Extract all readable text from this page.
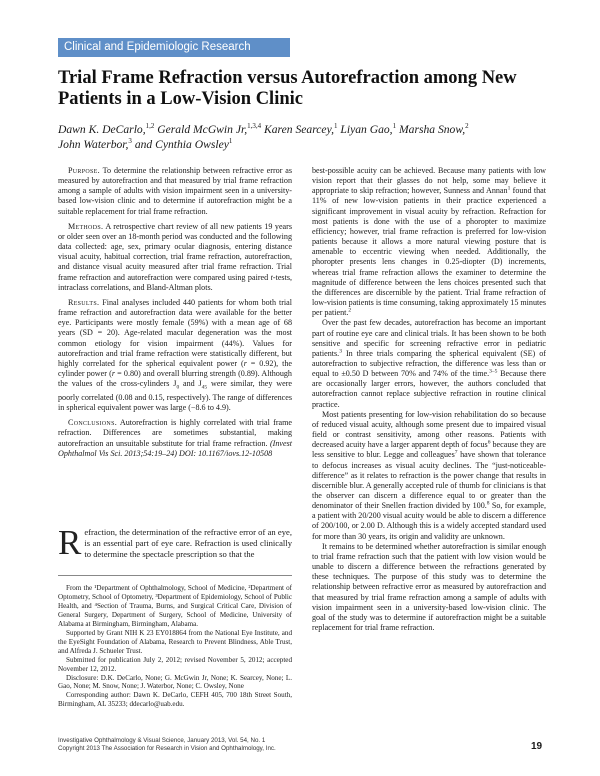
Clinical and Epidemiologic Research
Trial Frame Refraction versus Autorefraction among New Patients in a Low-Vision Clinic
Dawn K. DeCarlo,$^{1,2}$ Gerald McGwin Jr,$^{1,3,4}$ Karen Searcey,$^1$ Liyan Gao,$^1$ Marsha Snow,$^2$
John Waterbor,$^3$ and Cynthia Owsley$^1$

Purpose. To determine the relationship between refractive error as measured by autorefraction and that measured by trial frame refraction among a sample of adults with vision impairment seen in a university-based low-vision clinic and to determine if autorefraction might be a suitable replacement for trial frame refraction.

Methods. A retrospective chart review of all new patients 19 years or older seen over an 18-month period was conducted and the following data collected: age, sex, primary ocular diagnosis, entering distance visual acuity, habitual correction, trial frame refraction, autorefraction, and distance visual acuity measured after trial frame refraction. Trial frame refraction and autorefraction were compared using paired t-tests, intraclass correlations, and Bland-Altman plots.

Results. Final analyses included 440 patients for whom both trial frame refraction and autorefraction data were available for the better eye. Participants were mostly female (59%) with a mean age of 68 years (SD = 20). Age-related macular degeneration was the most common etiology for vision impairment (44%). Values for autorefraction and trial frame refraction were statistically different, but highly correlated for the spherical equivalent power (r = 0.92), the cylinder power (r = 0.80) and overall blurring strength (0.89). Although the values of the cross-cylinders $J_0$ and $J_{45}$ were similar, they were poorly correlated (0.08 and 0.15, respectively). The range of differences in spherical equivalent power was large (−8.6 to 4.9).

Conclusions. Autorefraction is highly correlated with trial frame refraction. Differences are sometimes substantial, making autorefraction an unsuitable substitute for trial frame refraction. (Invest Ophthalmol Vis Sci. 2013;54:19–24) DOI: 10.1167/iovs.12-10508

Refraction, the determination of the refractive error of an eye, is an essential part of eye care. Refraction is used clinically to determine the spectacle prescription so that the

From the ¹Department of Ophthalmology, School of Medicine, ²Department of Optometry, School of Optometry, ³Department of Epidemiology, School of Public Health, and ⁴Section of Trauma, Burns, and Surgical Critical Care, Division of General Surgery, Department of Surgery, School of Medicine, University of Alabama at Birmingham, Birmingham, Alabama.

Supported by Grant NIH K 23 EY018864 from the National Eye Institute, and the EyeSight Foundation of Alabama, Research to Prevent Blindness, Able Trust, and Alfreda J. Schueler Trust.

Submitted for publication July 2, 2012; revised November 5, 2012; accepted November 12, 2012.

Disclosure: D.K. DeCarlo, None; G. McGwin Jr, None; K. Searcey, None; L. Gao, None; M. Snow, None; J. Waterbor, None; C. Owsley, None

Corresponding author: Dawn K. DeCarlo, CEFH 405, 700 18th Street South, Birmingham, AL 35233; ddecarlo@uab.edu.

best-possible acuity can be achieved. Because many patients with low vision report that their glasses do not help, some may believe it appropriate to skip refraction; however, Sunness and Annan$^1$ found that 11% of new low-vision patients in their practice experienced a significant improvement in visual acuity by refraction. Refraction for most patients is done with the use of a phoropter to maximize efficiency; however, trial frame refraction is preferred for low-vision patients because it allows a more natural viewing posture that is amenable to eccentric viewing when needed. Additionally, the phoropter presents lens changes in 0.25-diopter (D) increments, whereas trial frame refraction allows the examiner to determine the magnitude of difference between the lens choices presented such that the differences are discernible by the patient. Trial frame refraction of low-vision patients is time consuming, taking approximately 15 minutes per patient.$^2$

Over the past few decades, autorefraction has become an important part of routine eye care and clinical trials. It has been shown to be both sensitive and specific for screening refractive error in pediatric patients.$^3$ In three trials comparing the spherical equivalent (SE) of autorefraction to subjective refraction, the difference was less than or equal to ±0.50 D between 70% and 74% of the time.$^{3-5}$ Because there are occasionally larger errors, however, the authors concluded that autorefraction cannot replace subjective refraction in routine clinical practice.

Most patients presenting for low-vision rehabilitation do so because of reduced visual acuity, although some present due to impaired visual field or contrast sensitivity, among other reasons. Patients with decreased acuity have a larger apparent depth of focus$^6$ because they are less sensitive to blur. Legge and colleagues$^7$ have shown that tolerance to defocus increases as visual acuity declines. The “just-noticeable-difference” as it relates to refraction is the power change that results in discernible blur. A generally accepted rule of thumb for clinicians is that the observer can discern a difference equal to or greater than the denominator of their Snellen fraction divided by 100.$^8$ So, for example, a patient with 20/200 visual acuity would be able to discern a difference of 200/100, or 2.00 D. Although this is a widely accepted standard used for more than 30 years, its origin and validity are unknown.

It remains to be determined whether autorefraction is similar enough to trial frame refraction such that the patient with low vision would be unable to discern a difference between the refractions generated by these techniques. The purpose of this study was to determine the relationship between refractive error as measured by autorefraction and that measured by trial frame refraction among a sample of adults with vision impairment seen in a university-based low-vision clinic. The goal of the study was to determine if autorefraction might be a suitable replacement for trial frame refraction.

Investigative Ophthalmology & Visual Science, January 2013, Vol. 54, No. 1
Copyright 2013 The Association for Research in Vision and Ophthalmology, Inc.	19
